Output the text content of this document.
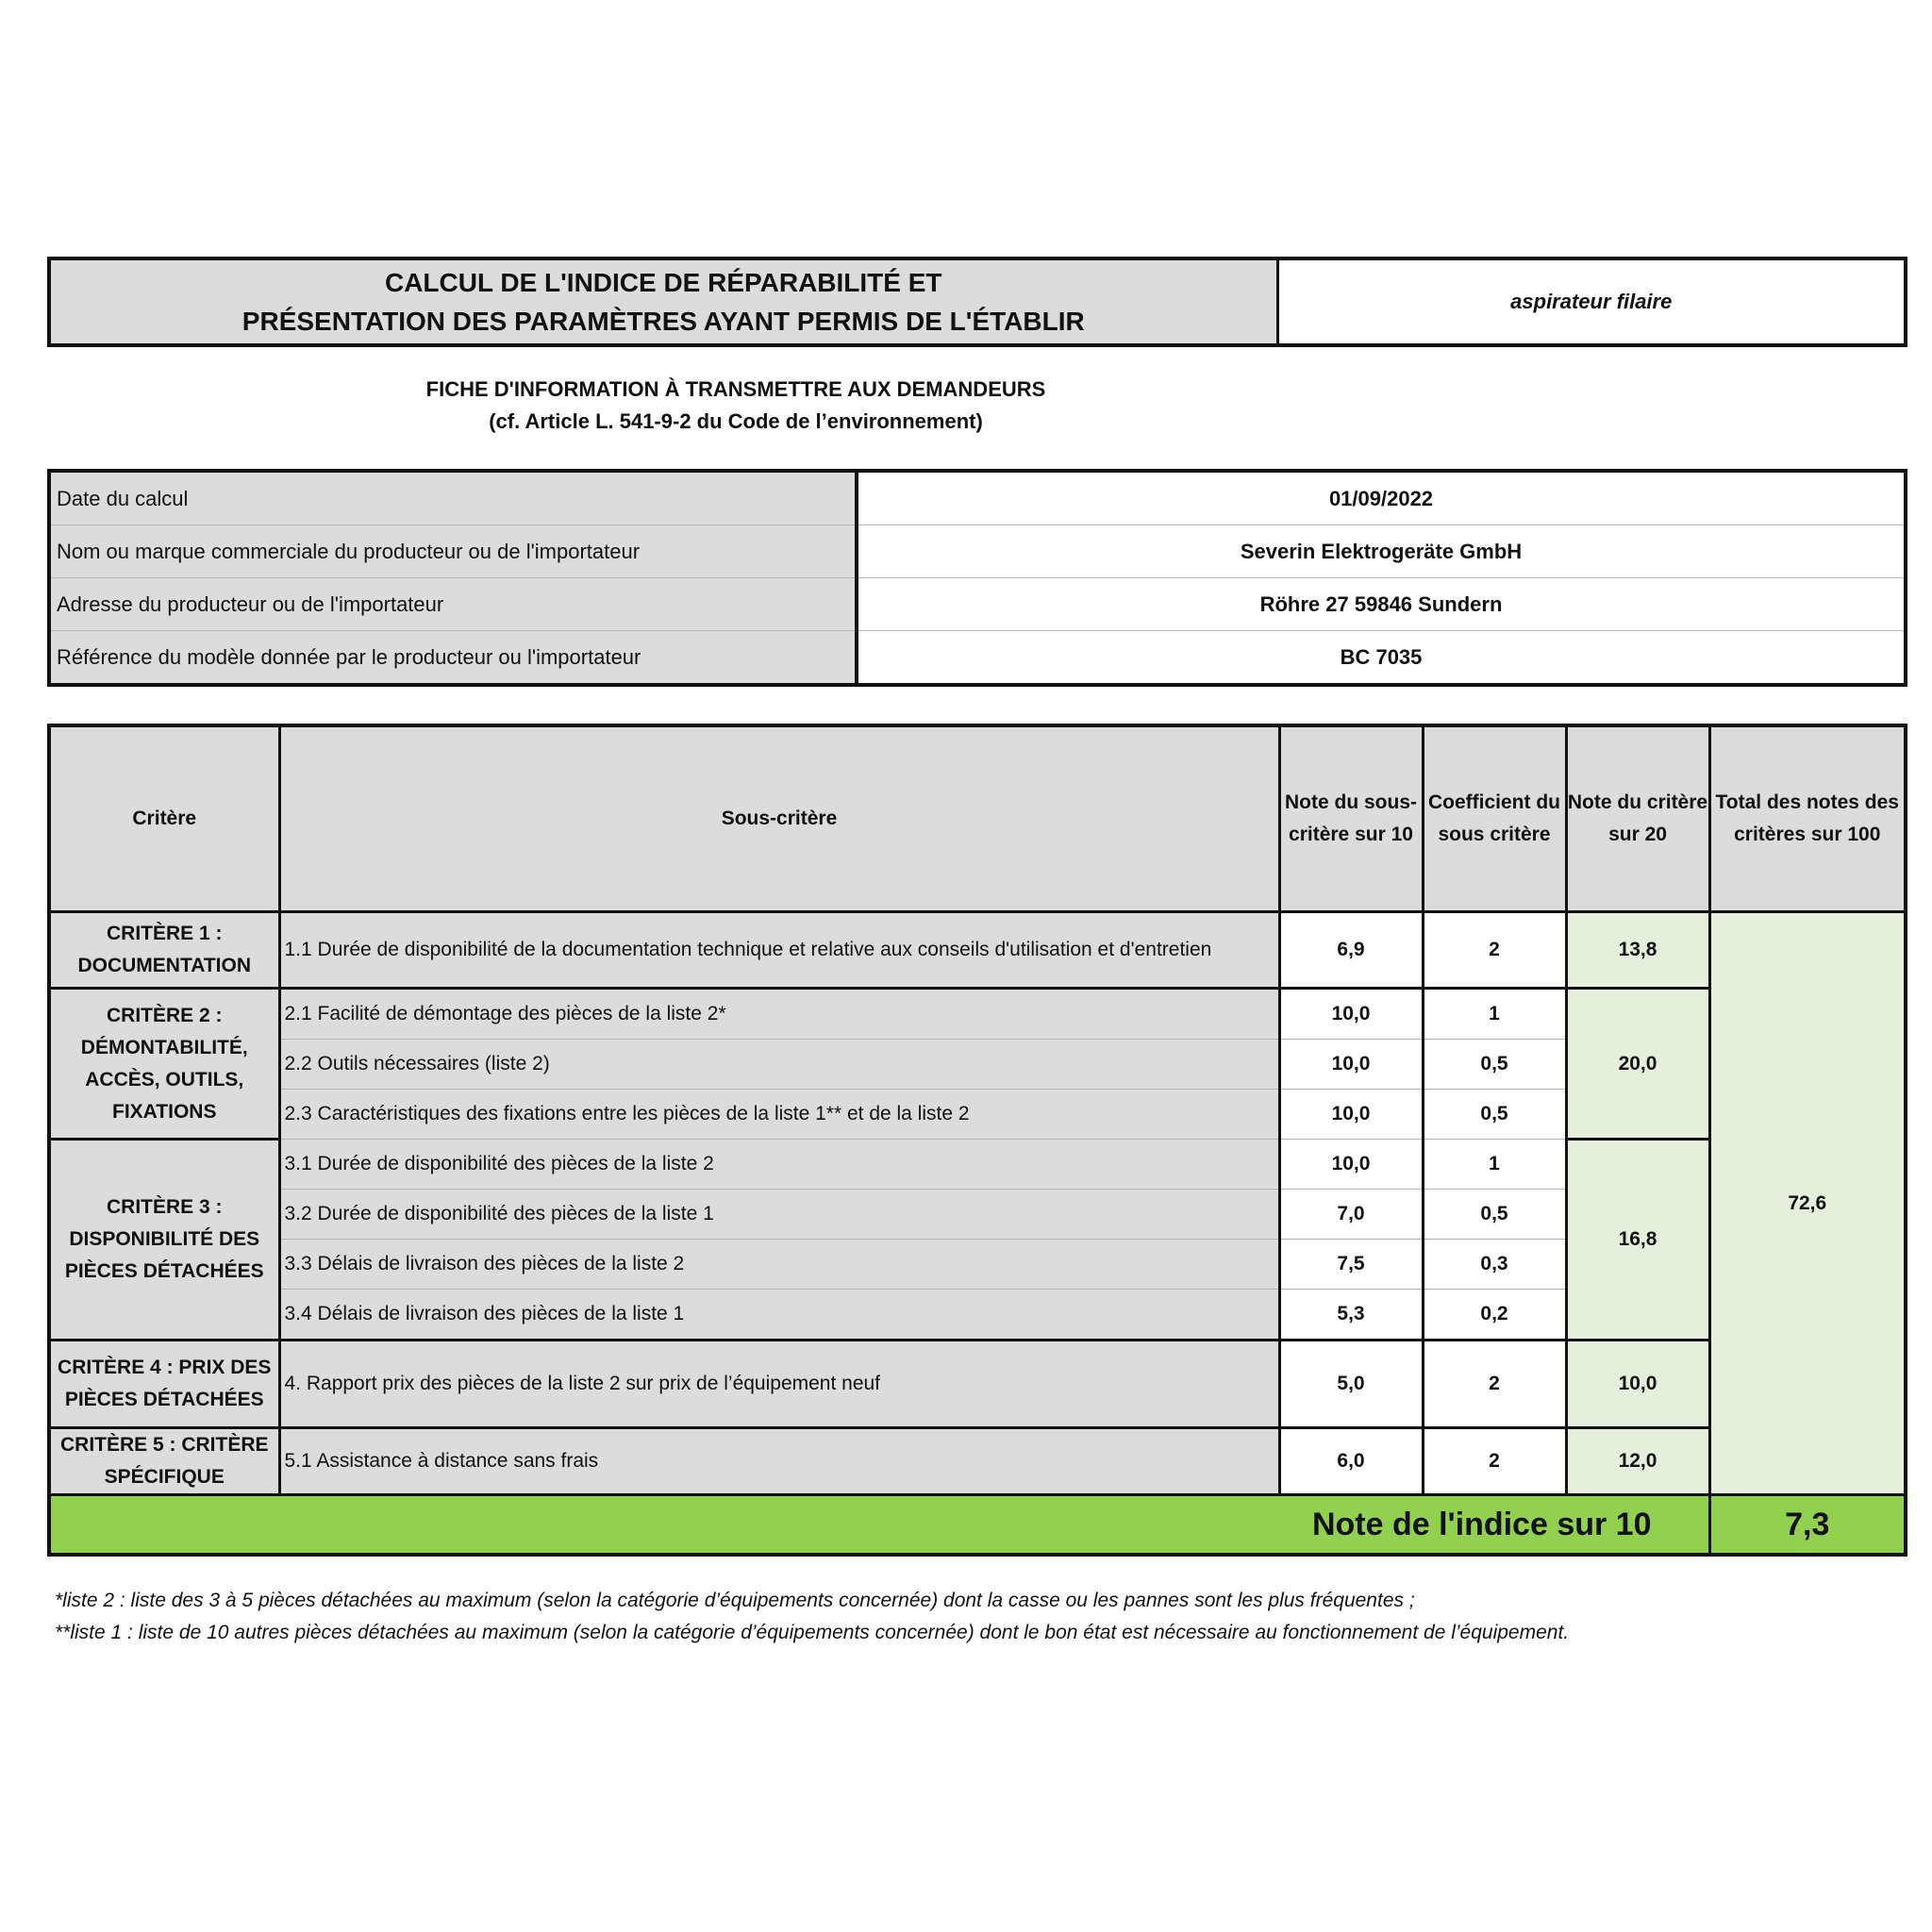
CALCUL DE L'INDICE DE RÉPARABILITÉ ET
PRÉSENTATION DES PARAMÈTRES AYANT PERMIS DE L'ÉTABLIR
	aspirateur filaire
FICHE D'INFORMATION À TRANSMETTRE AUX DEMANDEURS
(cf. Article L. 541-9-2 du Code de l’environnement)
Date du calcul	01/09/2022
Nom ou marque commerciale du producteur ou de l'importateur	Severin Elektrogeräte GmbH
Adresse du producteur ou de l'importateur	Röhre 27 59846 Sundern
Référence du modèle donnée par le producteur ou l'importateur	BC 7035
Critère	Sous-critère	Note du sous-critère sur 10	Coefficient du sous critère	Note du critère sur 20	Total des notes des critères sur 100
CRITÈRE 1 : DOCUMENTATION	1.1 Durée de disponibilité de la documentation technique et relative aux conseils d'utilisation et d'entretien	6,9	2	13,8	72,6
CRITÈRE 2 : DÉMONTABILITÉ, ACCÈS, OUTILS, FIXATIONS	2.1 Facilité de démontage des pièces de la liste 2*	10,0	1	20,0	
	2.2 Outils nécessaires (liste 2)	10,0	0,5		
	2.3 Caractéristiques des fixations entre les pièces de la liste 1** et de la liste 2	10,0	0,5		
CRITÈRE 3 : DISPONIBILITÉ DES PIÈCES DÉTACHÉES	3.1 Durée de disponibilité des pièces de la liste 2	10,0	1	16,8	
	3.2 Durée de disponibilité des pièces de la liste 1	7,0	0,5		
	3.3 Délais de livraison des pièces de la liste 2	7,5	0,3		
	3.4 Délais de livraison des pièces de la liste 1	5,3	0,2		
CRITÈRE 4 : PRIX DES PIÈCES DÉTACHÉES	4. Rapport prix des pièces de la liste 2 sur prix de l’équipement neuf	5,0	2	10,0	
CRITÈRE 5 : CRITÈRE SPÉCIFIQUE	5.1 Assistance à distance sans frais	6,0	2	12,0	
Note de l'indice sur 10					7,3
*liste 2 : liste des 3 à 5 pièces détachées au maximum (selon la catégorie d’équipements concernée) dont la casse ou les pannes sont les plus fréquentes ;
**liste 1 : liste de 10 autres pièces détachées au maximum (selon la catégorie d’équipements concernée) dont le bon état est nécessaire au fonctionnement de l’équipement.
